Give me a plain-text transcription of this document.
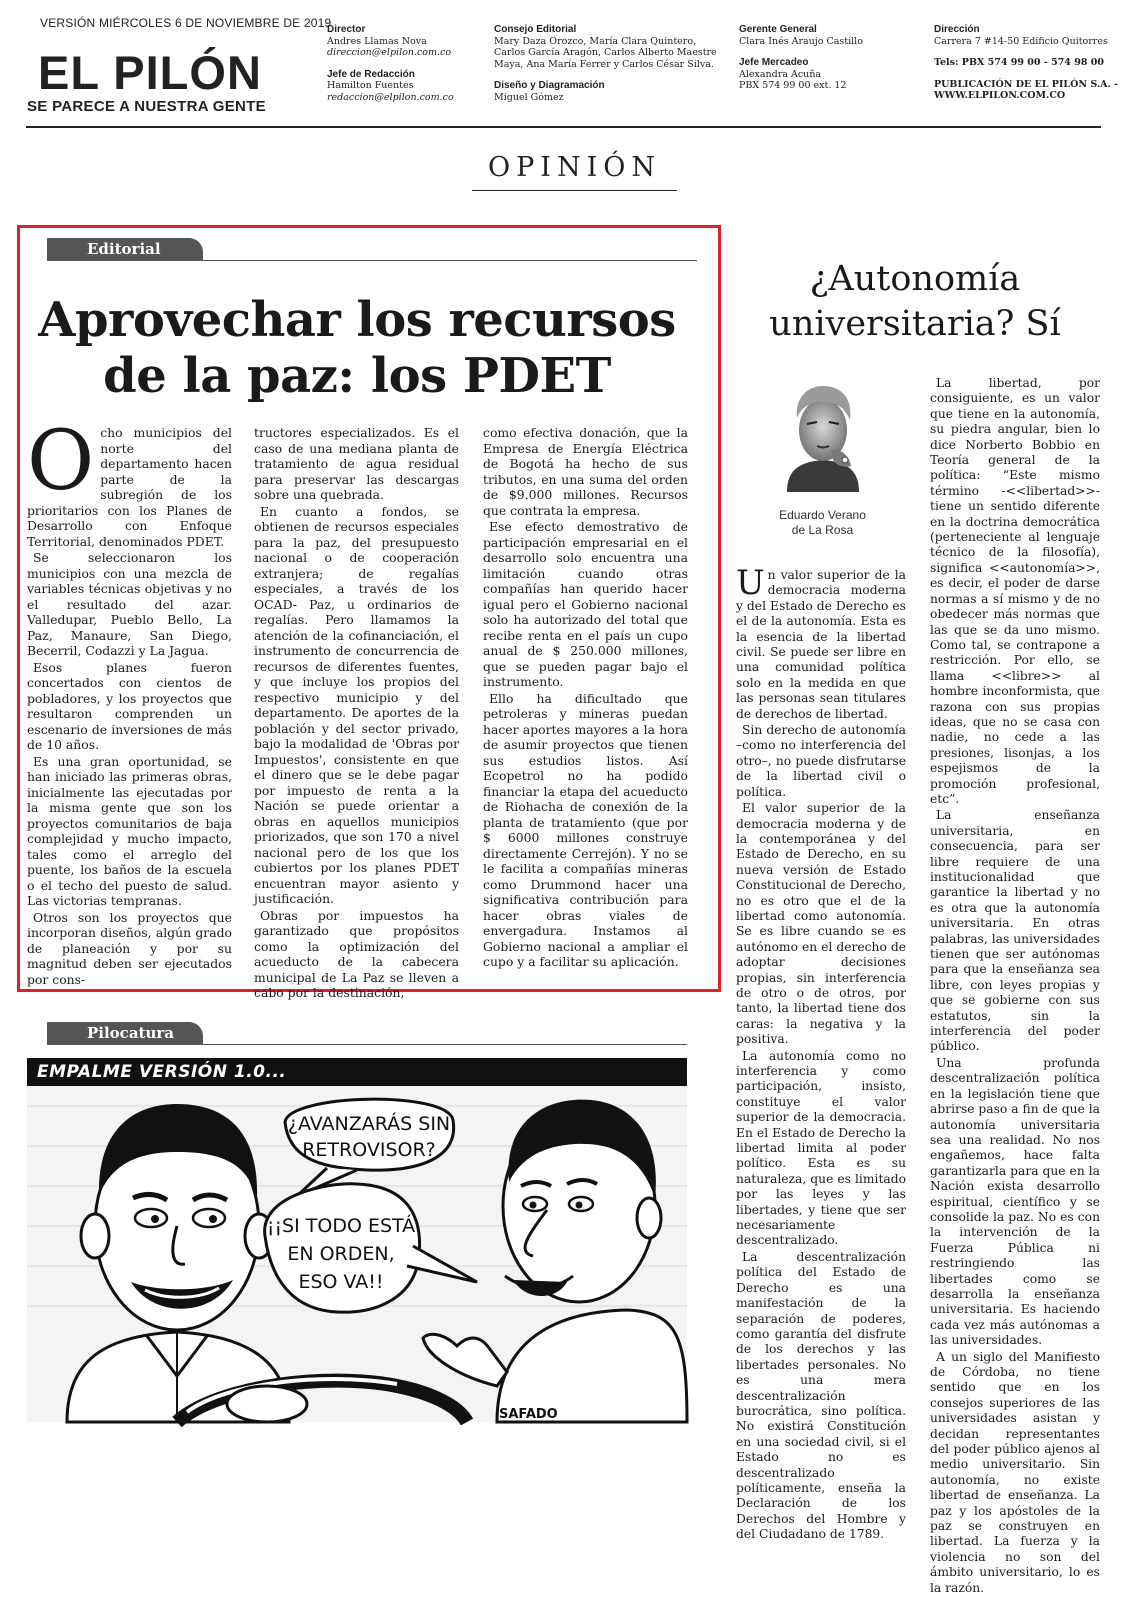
VERSIÓN MIÉRCOLES 6 DE NOVIEMBRE DE 2019
EL PILÓN
SE PARECE A NUESTRA GENTE
Director
Andres Llamas Nova
direccion@elpilon.com.co
Jefe de Redacción
Hamilton Fuentes
redaccion@elpilon.com.co
Consejo Editorial
Mary Daza Orozco, María Clara Quintero,
Carlos García Aragón, Carlos Alberto Maestre
Maya, Ana María Ferrer y Carlos César Silva.
Diseño y Diagramación
Miguel Gómez
Gerente General
Clara Inés Araujo Castillo
Jefe Mercadeo
Alexandra Acuña
PBX 574 99 00 ext. 12
Dirección
Carrera 7 #14-50 Edificio Quitorres
Tels: PBX 574 99 00 - 574 98 00
PUBLICACIÓN DE EL PILÓN S.A. -
WWW.ELPILON.COM.CO
OPINIÓN
Editorial
Aprovechar los recursos
de la paz: los PDET

Ocho municipios del norte del departamento hacen parte de la subregión de los prioritarios con los Planes de Desarrollo con Enfoque Territorial, denominados PDET.

Se seleccionaron los municipios con una mezcla de variables técnicas objetivas y no el resultado del azar. Valledupar, Pueblo Bello, La Paz, Manaure, San Diego, Becerril, Codazzi y La Jagua.

Esos planes fueron concertados con cientos de pobladores, y los proyectos que resultaron comprenden un escenario de inversiones de más de 10 años.

Es una gran oportunidad, se han iniciado las primeras obras, inicialmente las ejecutadas por la misma gente que son los proyectos comunitarios de baja complejidad y mucho impacto, tales como el arreglo del puente, los baños de la escuela o el techo del puesto de salud. Las victorias tempranas.

Otros son los proyectos que incorporan diseños, algún grado de planeación y por su magnitud deben ser ejecutados por cons-

tructores especializados. Es el caso de una mediana planta de tratamiento de agua residual para preservar las descargas sobre una quebrada.

En cuanto a fondos, se obtienen de recursos especiales para la paz, del presupuesto nacional o de cooperación extranjera; de regalías especiales, a través de los OCAD- Paz, u ordinarios de regalías. Pero llamamos la atención de la cofinanciación, el instrumento de concurrencia de recursos de diferentes fuentes, y que incluye los propios del respectivo municipio y del departamento. De aportes de la población y del sector privado, bajo la modalidad de 'Obras por Impuestos', consistente en que el dinero que se le debe pagar por impuesto de renta a la Nación se puede orientar a obras en aquellos municipios priorizados, que son 170 a nivel nacional pero de los que los cubiertos por los planes PDET encuentran mayor asiento y justificación.

Obras por impuestos ha garantizado que propósitos como la optimización del acueducto de la cabecera municipal de La Paz se lleven a cabo por la destinación,

como efectiva donación, que la Empresa de Energía Eléctrica de Bogotá ha hecho de sus tributos, en una suma del orden de $9.000 millones. Recursos que contrata la empresa.

Ese efecto demostrativo de participación empresarial en el desarrollo solo encuentra una limitación cuando otras compañías han querido hacer igual pero el Gobierno nacional solo ha autorizado del total que recibe renta en el país un cupo anual de $ 250.000 millones, que se pueden pagar bajo el instrumento.

Ello ha dificultado que petroleras y mineras puedan hacer aportes mayores a la hora de asumir proyectos que tienen sus estudios listos. Así Ecopetrol no ha podido financiar la etapa del acueducto de Riohacha de conexión de la planta de tratamiento (que por $ 6000 millones construye directamente Cerrejón). Y no se le facilita a compañías mineras como Drummond hacer una significativa contribución para hacer obras viales de envergadura. Instamos al Gobierno nacional a ampliar el cupo y a facilitar su aplicación.

¿Autonomía
universitaria? Sí
Eduardo Verano
de La Rosa

Un valor superior de la democracia moderna y del Estado de Derecho es el de la autonomía. Esta es la esencia de la libertad civil. Se puede ser libre en una comunidad política solo en la medida en que las personas sean titulares de derechos de libertad.

Sin derecho de autonomía –como no interferencia del otro–, no puede disfrutarse de la libertad civil o política.

El valor superior de la democracia moderna y de la contemporánea y del Estado de Derecho, en su nueva versión de Estado Constitucional de Derecho, no es otro que el de la libertad como autonomía. Se es libre cuando se es autónomo en el derecho de adoptar decisiones propias, sin interferencia de otro o de otros, por tanto, la libertad tiene dos caras: la negativa y la positiva.

La autonomía como no interferencia y como participación, insisto, constituye el valor superior de la democracia. En el Estado de Derecho la libertad limita al poder político. Esta es su naturaleza, que es limitado por las leyes y las libertades, y tiene que ser necesariamente descentralizado.

La descentralización política del Estado de Derecho es una manifestación de la separación de poderes, como garantía del disfrute de los derechos y las libertades personales. No es una mera descentralización burocrática, sino política. No existirá Constitución en una sociedad civil, si el Estado no es descentralizado políticamente, enseña la Declaración de los Derechos del Hombre y del Ciudadano de 1789.

La libertad, por consiguiente, es un valor que tiene en la autonomía, su piedra angular, bien lo dice Norberto Bobbio en Teoría general de la política: “Este mismo término -<<libertad>>- tiene un sentido diferente en la doctrina democrática (perteneciente al lenguaje técnico de la filosofía), significa <<autonomía>>, es decir, el poder de darse normas a sí mismo y de no obedecer más normas que las que se da uno mismo. Como tal, se contrapone a restricción. Por ello, se llama <<libre>> al hombre inconformista, que razona con sus propias ideas, que no se casa con nadie, no cede a las presiones, lisonjas, a los espejismos de la promoción profesional, etc”.

La enseñanza universitaria, en consecuencia, para ser libre requiere de una institucionalidad que garantice la libertad y no es otra que la autonomía universitaria. En otras palabras, las universidades tienen que ser autónomas para que la enseñanza sea libre, con leyes propias y que se gobierne con sus estatutos, sin la interferencia del poder público.

Una profunda descentralización política en la legislación tiene que abrirse paso a fin de que la autonomía universitaria sea una realidad. No nos engañemos, hace falta garantizarla para que en la Nación exista desarrollo espiritual, científico y se consolide la paz. No es con la intervención de la Fuerza Pública ni restringiendo las libertades como se desarrolla la enseñanza universitaria. Es haciendo cada vez más autónomas a las universidades.

A un siglo del Manifiesto de Córdoba, no tiene sentido que en los consejos superiores de las universidades asistan y decidan representantes del poder público ajenos al medio universitario. Sin autonomía, no existe libertad de enseñanza. La paz y los apóstoles de la paz se construyen en libertad. La fuerza y la violencia no son del ámbito universitario, lo es la razón.

Pilocatura
EMPALME VERSIÓN 1.0...
¿AVANZARÁS SIN
RETROVISOR?
¡¡SI TODO ESTÁ
EN ORDEN,
ESO VA!!
SAFADO
